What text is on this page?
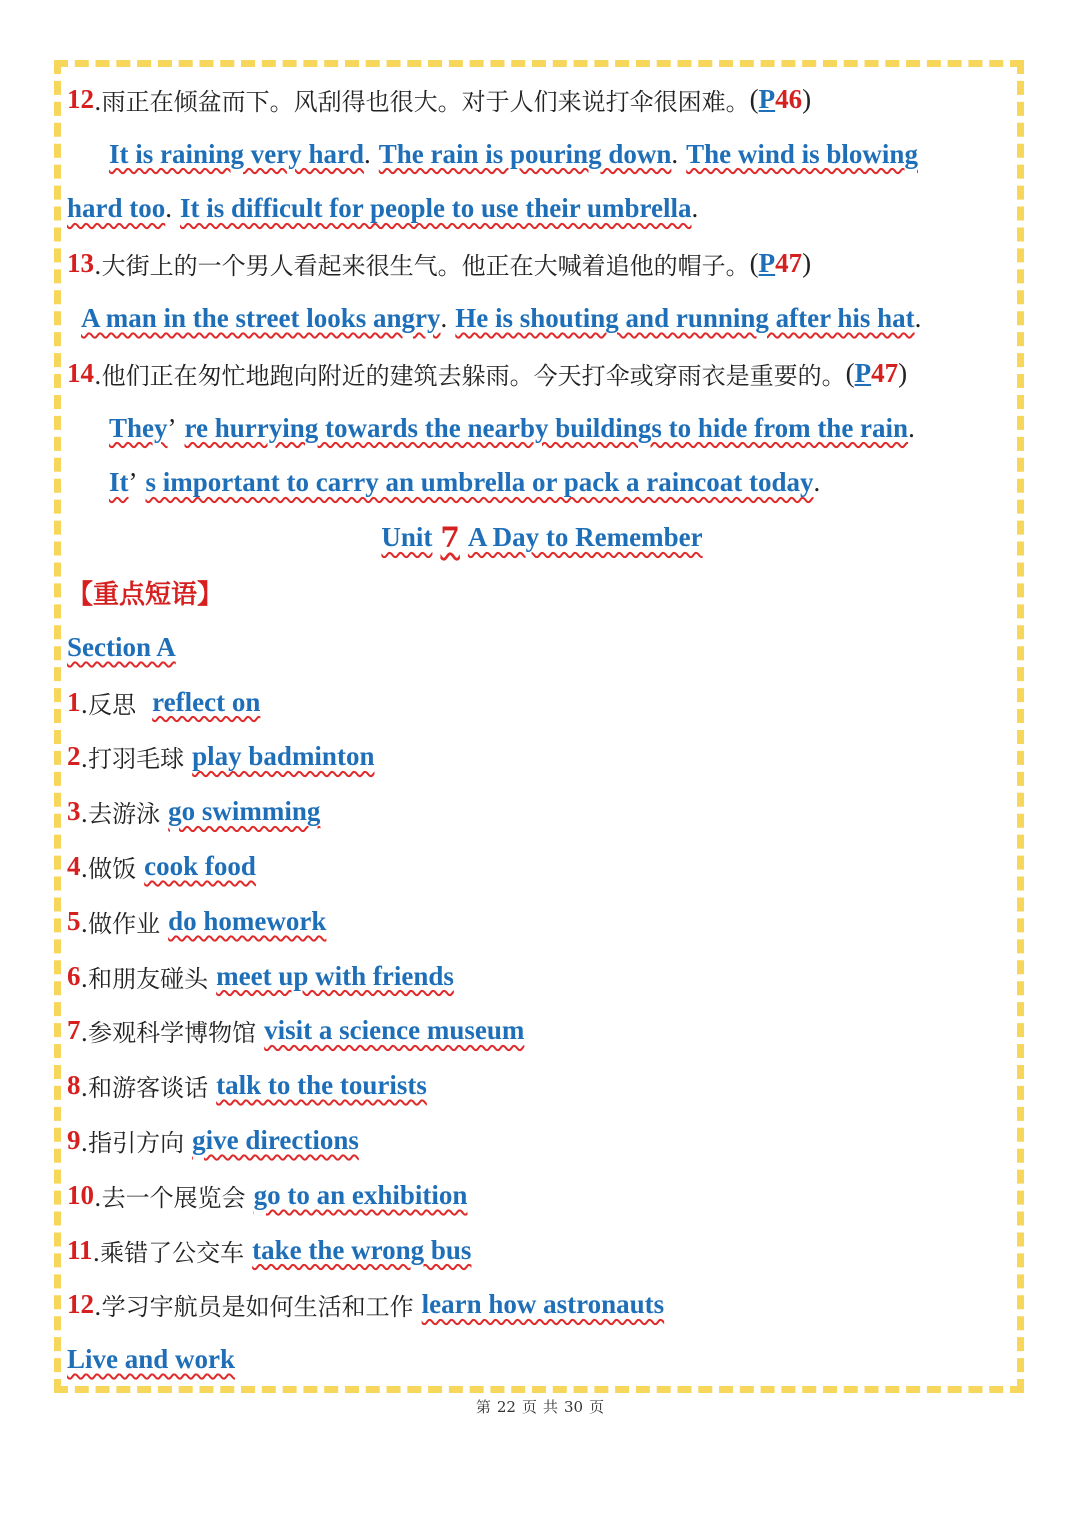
12 .雨正在倾盆而下。风刮得也很大。对于人们来说打伞很困难。 (P46)
It is raining very hard . The rain is pouring down . The wind is blowing
hard too . It is difficult for people to use their umbrella .
13 .大街上的一个男人看起来很生气。他正在大喊着追他的帽子。 (P47)
A man in the street looks angry . He is shouting and running after his hat .
14 .他们正在匆忙地跑向附近的建筑去躲雨。今天打伞或穿雨衣是重要的。 (P47)
They ’ re hurrying towards the nearby buildings to hide from the rain .
It ’ s important to carry an umbrella or pack a raincoat today .
Unit 7 A Day to Remember
【重点短语】
Section A
1 .反思 reflect on
2 .打羽毛球 play badminton
3 .去游泳 go swimming
4 .做饭 cook food
5 .做作业 do homework
6 .和朋友碰头 meet up with friends
7 .参观科学博物馆 visit a science museum
8 .和游客谈话 talk to the tourists
9 .指引方向 give directions
10 .去一个展览会 go to an exhibition
11 .乘错了公交车 take the wrong bus
12 .学习宇航员是如何生活和工作 learn how astronauts
Live and work
第 22 页 共 30 页
